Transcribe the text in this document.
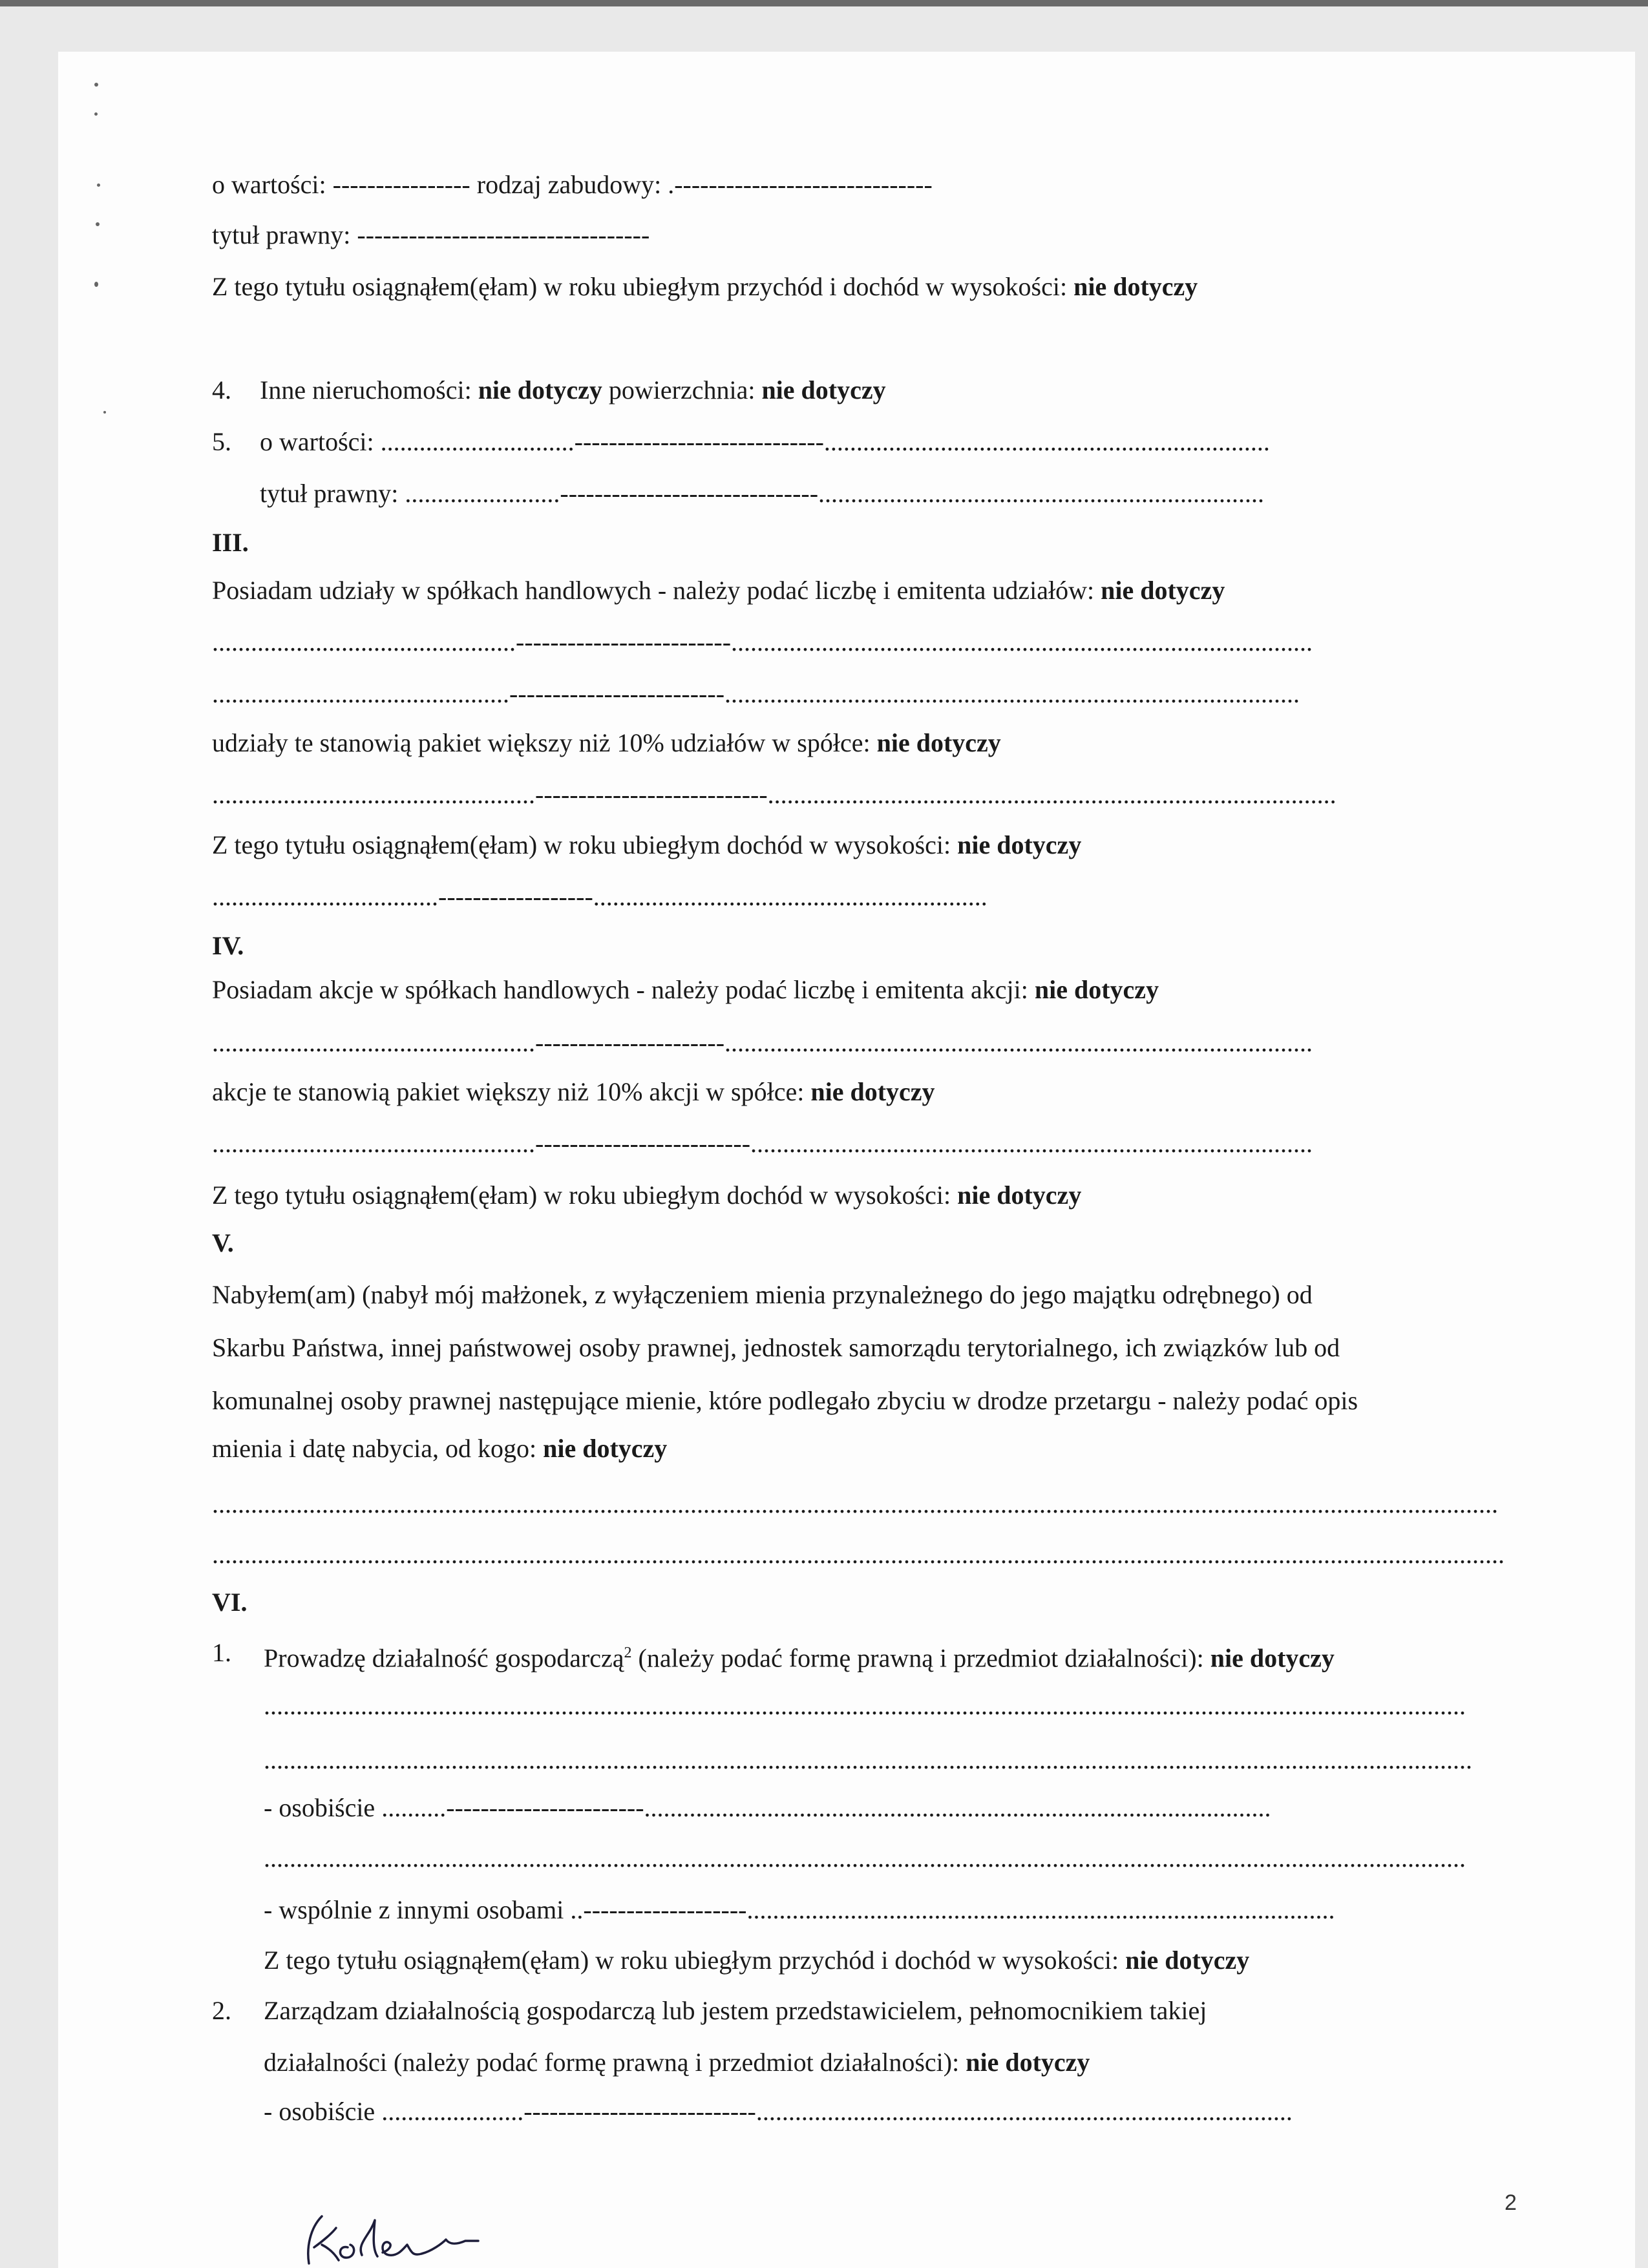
o wartości: ---------------- rodzaj zabudowy: .------------------------------
tytuł prawny: ----------------------------------
Z tego tytułu osiągnąłem(ęłam) w roku ubiegłym przychód i dochód w wysokości: nie dotyczy
4. Inne nieruchomości: nie dotyczy powierzchnia: nie dotyczy
5. o wartości: ..............................-----------------------------.....................................................................
tytuł prawny: ........................------------------------------.....................................................................
III.
Posiadam udziały w spółkach handlowych - należy podać liczbę i emitenta udziałów: nie dotyczy
...............................................-------------------------..........................................................................................
..............................................-------------------------.........................................................................................
udziały te stanowią pakiet większy niż 10% udziałów w spółce: nie dotyczy
..................................................---------------------------........................................................................................
Z tego tytułu osiągnąłem(ęłam) w roku ubiegłym dochód w wysokości: nie dotyczy
...................................------------------.............................................................
IV.
Posiadam akcje w spółkach handlowych - należy podać liczbę i emitenta akcji: nie dotyczy
..................................................----------------------...........................................................................................
akcje te stanowią pakiet większy niż 10% akcji w spółce: nie dotyczy
..................................................-------------------------.......................................................................................
Z tego tytułu osiągnąłem(ęłam) w roku ubiegłym dochód w wysokości: nie dotyczy
V.
Nabyłem(am) (nabył mój małżonek, z wyłączeniem mienia przynależnego do jego majątku odrębnego) od
Skarbu Państwa, innej państwowej osoby prawnej, jednostek samorządu terytorialnego, ich związków lub od
komunalnej osoby prawnej następujące mienie, które podlegało zbyciu w drodze przetargu - należy podać opis
mienia i datę nabycia, od kogo: nie dotyczy
.......................................................................................................................................................................................................
........................................................................................................................................................................................................
VI.
1. Prowadzę działalność gospodarczą$^2$ (należy podać formę prawną i przedmiot działalności): nie dotyczy
..........................................................................................................................................................................................
...........................................................................................................................................................................................
- osobiście ..........-----------------------.................................................................................................
..........................................................................................................................................................................................
- wspólnie z innymi osobami ..-------------------...........................................................................................
Z tego tytułu osiągnąłem(ęłam) w roku ubiegłym przychód i dochód w wysokości: nie dotyczy
2. Zarządzam działalnością gospodarczą lub jestem przedstawicielem, pełnomocnikiem takiej
działalności (należy podać formę prawną i przedmiot działalności): nie dotyczy
- osobiście ......................---------------------------...................................................................................
2
